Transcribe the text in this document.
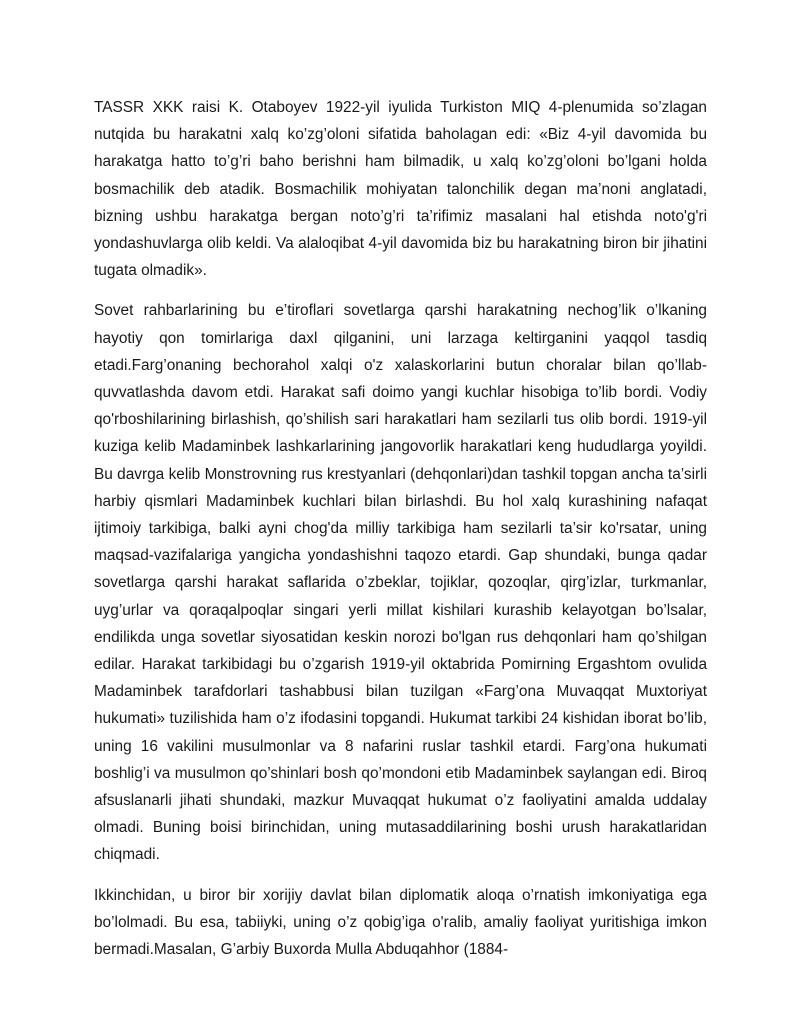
TASSR XKK raisi K. Otaboyev 1922-yil iyulida Turkiston MIQ 4-plenumida so’zlagan nutqida bu harakatni xalq ko’zg’oloni sifatida baholagan edi: «Biz 4-yil davomida bu harakatga hatto to’g’ri baho berishni ham bilmadik, u xalq ko’zg’oloni bo’lgani holda bosmachilik deb atadik. Bosmachilik mohiyatan talonchilik degan ma’noni anglatadi, bizning ushbu harakatga bergan noto’g’ri ta’rifimiz masalani hal etishda noto'g'ri yondashuvlarga olib keldi. Va alaloqibat 4-yil davomida biz bu harakatning biron bir jihatini tugata olmadik».

Sovet rahbarlarining bu e’tiroflari sovetlarga qarshi harakatning nechog’lik o’lkaning hayotiy qon tomirlariga daxl qilganini, uni larzaga keltirganini yaqqol tasdiq etadi.Farg’onaning bechorahol xalqi o'z xalaskorlarini butun choralar bilan qo’llab- quvvatlashda davom etdi. Harakat safi doimo yangi kuchlar hisobiga to’lib bordi. Vodiy qo'rboshilarining birlashish, qo’shilish sari harakatlari ham sezilarli tus olib bordi. 1919-yil kuziga kelib Madaminbek lashkarlarining jangovorlik harakatlari keng hududlarga yoyildi. Bu davrga kelib Monstrovning rus krestyanlari (dehqonlari)dan tashkil topgan ancha ta’sirli harbiy qismlari Madaminbek kuchlari bilan birlashdi. Bu hol xalq kurashining nafaqat ijtimoiy tarkibiga, balki ayni chog'da milliy tarkibiga ham sezilarli ta’sir ko'rsatar, uning maqsad-vazifalariga yangicha yondashishni taqozo etardi. Gap shundaki, bunga qadar sovetlarga qarshi harakat saflarida o’zbeklar, tojiklar, qozoqlar, qirg’izlar, turkmanlar, uyg’urlar va qoraqalpoqlar singari yerli millat kishilari kurashib kelayotgan bo’lsalar, endilikda unga sovetlar siyosatidan keskin norozi bo'lgan rus dehqonlari ham qo’shilgan edilar. Harakat tarkibidagi bu o’zgarish 1919-yil oktabrida Pomirning Ergashtom ovulida Madaminbek tarafdorlari tashabbusi bilan tuzilgan «Farg’ona Muvaqqat Muxtoriyat hukumati» tuzilishida ham o’z ifodasini topgandi. Hukumat tarkibi 24 kishidan iborat bo’lib, uning 16 vakilini musulmonlar va 8 nafarini ruslar tashkil etardi. Farg’ona hukumati boshlig’i va musulmon qo’shinlari bosh qo’mondoni etib Madaminbek saylangan edi. Biroq afsuslanarli jihati shundaki, mazkur Muvaqqat hukumat o’z faoliyatini amalda uddalay olmadi. Buning boisi birinchidan, uning mutasaddilarining boshi urush harakatlaridan chiqmadi.

Ikkinchidan, u biror bir xorijiy davlat bilan diplomatik aloqa o’rnatish imkoniyatiga ega bo’lolmadi. Bu esa, tabiiyki, uning o’z qobig’iga o'ralib, amaliy faoliyat yuritishiga imkon bermadi.Masalan, G’arbiy Buxorda Mulla Abduqahhor (1884-
